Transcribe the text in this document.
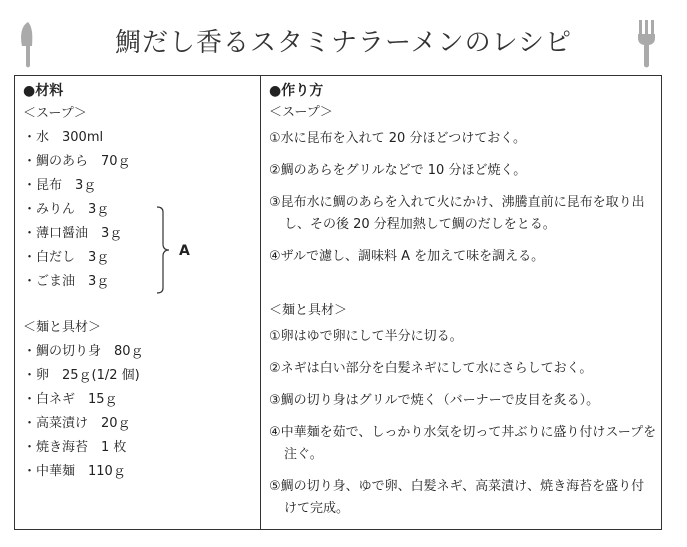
鯛だし香るスタミナラーメンのレシピ
●材料
＜スープ＞
・水　300ml
・鯛のあら　70ｇ
・昆布　3ｇ
・みりん　3ｇ
・薄口醤油　3ｇ
・白だし　3ｇ
・ごま油　3ｇ
＜麺と具材＞
・鯛の切り身　80ｇ
・卵　25ｇ(1/2 個)
・白ネギ　15ｇ
・高菜漬け　20ｇ
・焼き海苔　1 枚
・中華麺　110ｇ
A
●作り方
＜スープ＞
①水に昆布を入れて 20 分ほどつけておく。
②鯛のあらをグリルなどで 10 分ほど焼く。
③昆布水に鯛のあらを入れて火にかけ、沸騰直前に昆布を取り出し、その後 20 分程加熱して鯛のだしをとる。
④ザルで濾し、調味料 A を加えて味を調える。
＜麺と具材＞
①卵はゆで卵にして半分に切る。
②ネギは白い部分を白髪ネギにして水にさらしておく。
③鯛の切り身はグリルで焼く（バーナーで皮目を炙る）。
④中華麺を茹で、しっかり水気を切って丼ぶりに盛り付けスープを注ぐ。
⑤鯛の切り身、ゆで卵、白髪ネギ、高菜漬け、焼き海苔を盛り付けて完成。
